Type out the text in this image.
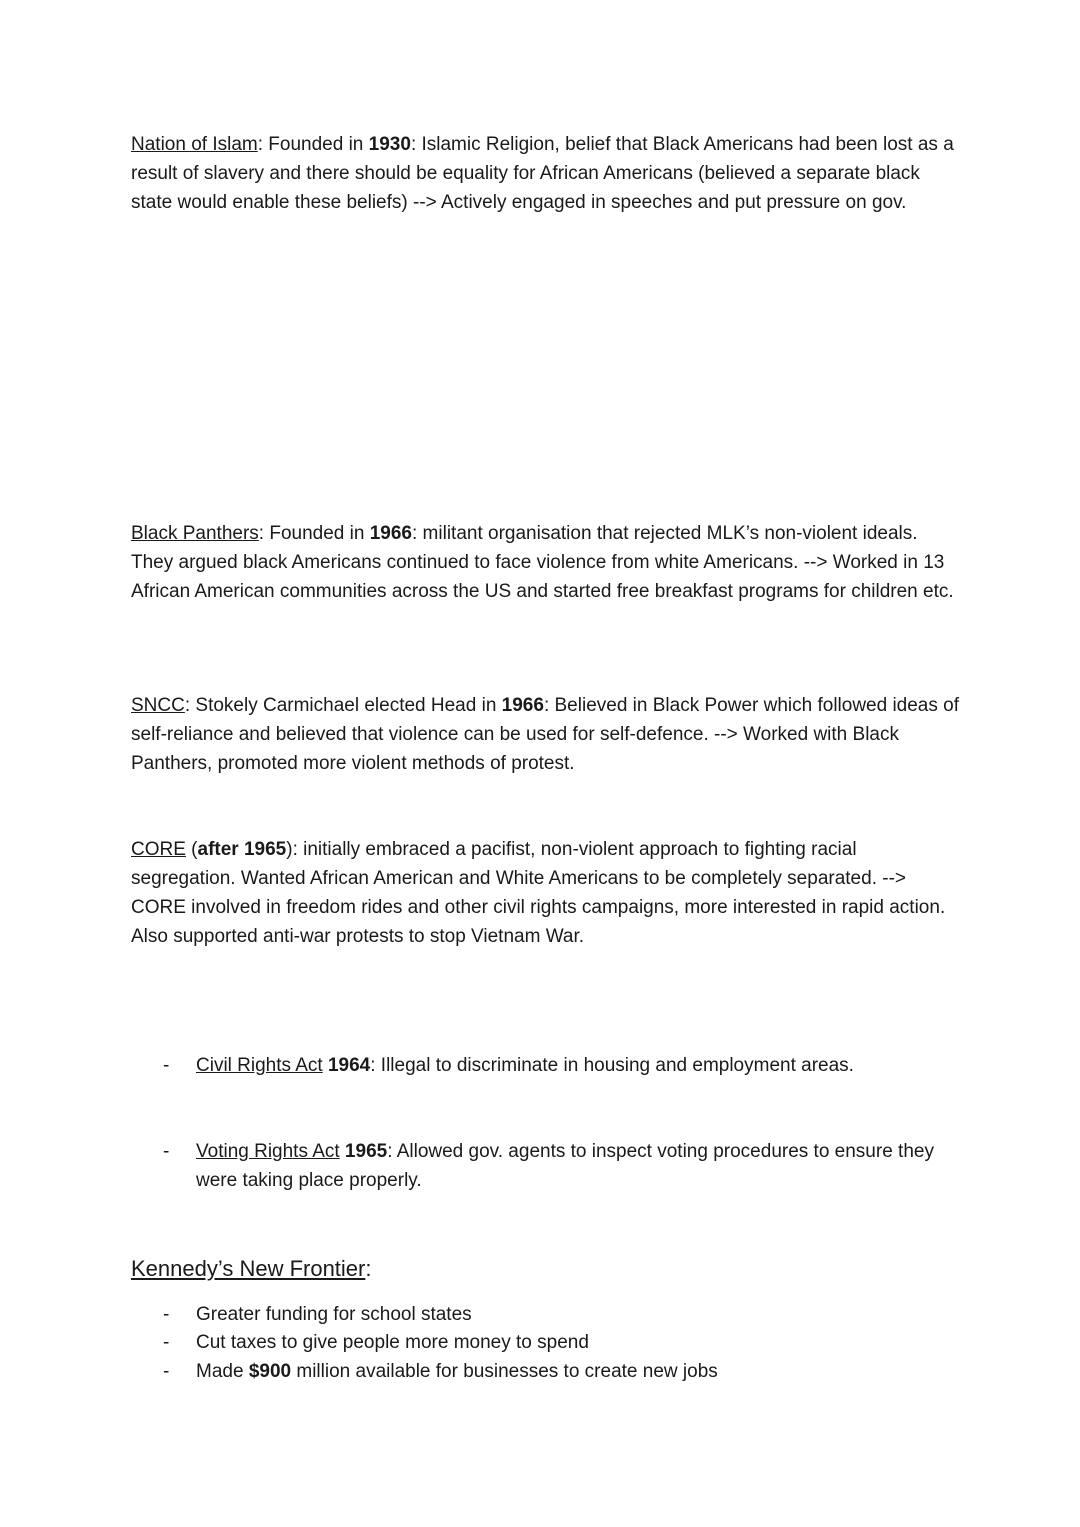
Nation of Islam: Founded in 1930: Islamic Religion, belief that Black Americans had been lost as a result of slavery and there should be equality for African Americans (believed a separate black state would enable these beliefs) --> Actively engaged in speeches and put pressure on gov.

Black Panthers: Founded in 1966: militant organisation that rejected MLK’s non-violent ideals. They argued black Americans continued to face violence from white Americans. --> Worked in 13 African American communities across the US and started free breakfast programs for children etc.

SNCC: Stokely Carmichael elected Head in 1966: Believed in Black Power which followed ideas of self-reliance and believed that violence can be used for self-defence. --> Worked with Black Panthers, promoted more violent methods of protest.

CORE (after 1965): initially embraced a pacifist, non-violent approach to fighting racial segregation. Wanted African American and White Americans to be completely separated. --> CORE involved in freedom rides and other civil rights campaigns, more interested in rapid action. Also supported anti-war protests to stop Vietnam War.

- Civil Rights Act 1964: Illegal to discriminate in housing and employment areas.
- Voting Rights Act 1965: Allowed gov. agents to inspect voting procedures to ensure they were taking place properly.
Kennedy’s New Frontier:
- Greater funding for school states
- Cut taxes to give people more money to spend
- Made $900 million available for businesses to create new jobs
